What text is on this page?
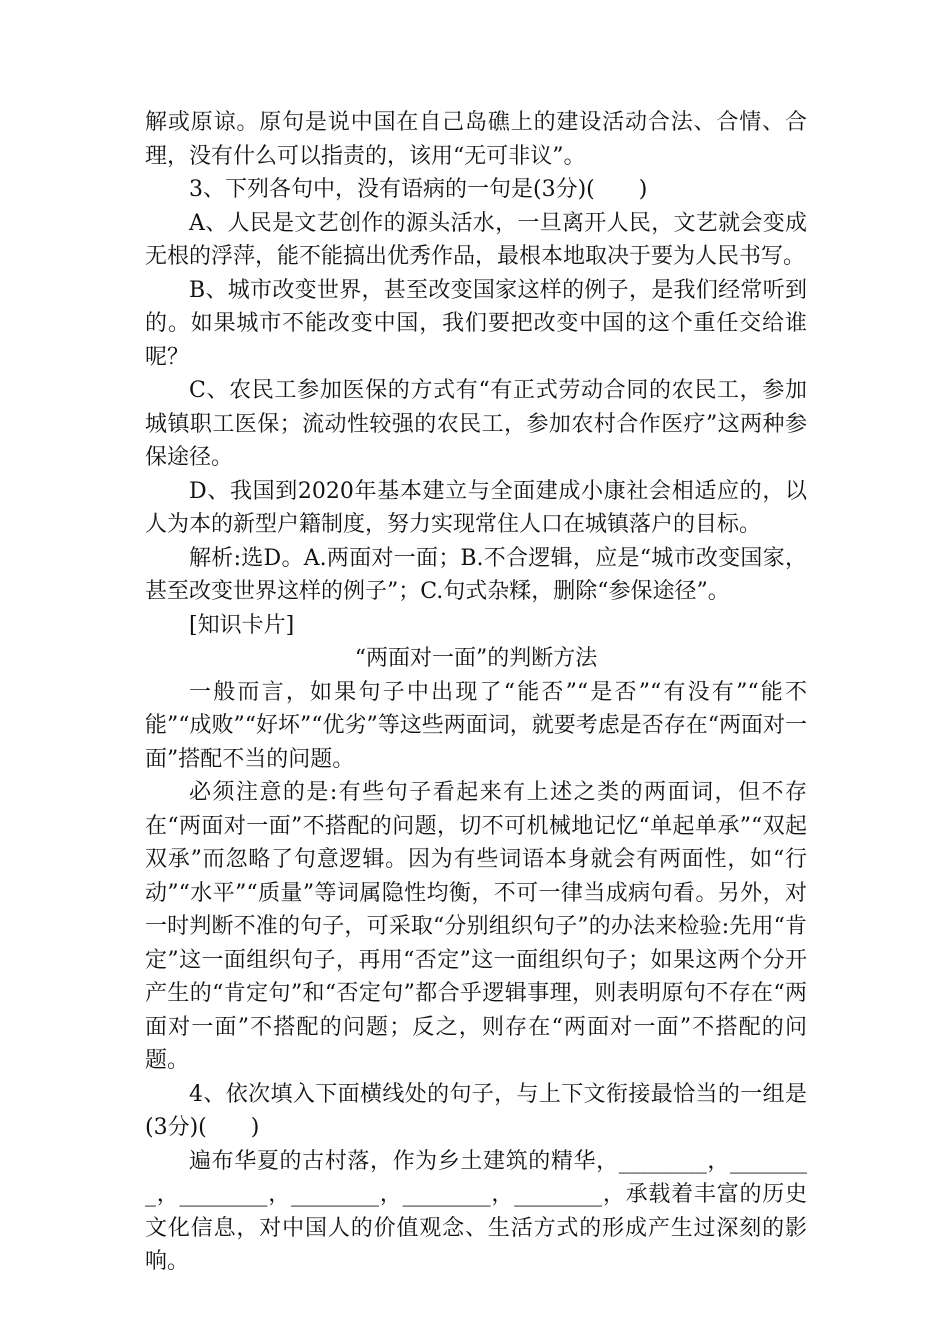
解或原谅。原句是说中国在自己岛礁上的建设活动合法、合情、合理，没有什么可以指责的，该用“无可非议”。

3、下列各句中，没有语病的一句是(3分)(　　)

A、人民是文艺创作的源头活水，一旦离开人民，文艺就会变成无根的浮萍，能不能搞出优秀作品，最根本地取决于要为人民书写。

B、城市改变世界，甚至改变国家这样的例子，是我们经常听到的。如果城市不能改变中国，我们要把改变中国的这个重任交给谁呢？

C、农民工参加医保的方式有“有正式劳动合同的农民工，参加城镇职工医保；流动性较强的农民工，参加农村合作医疗”这两种参保途径。

D、我国到2020年基本建立与全面建成小康社会相适应的，以人为本的新型户籍制度，努力实现常住人口在城镇落户的目标。

解析:选D。A.两面对一面；B.不合逻辑，应是“城市改变国家，甚至改变世界这样的例子”；C.句式杂糅，删除“参保途径”。

[知识卡片]

“两面对一面”的判断方法

一般而言，如果句子中出现了“能否”“是否”“有没有”“能不能”“成败”“好坏”“优劣”等这些两面词，就要考虑是否存在“两面对一面”搭配不当的问题。

必须注意的是:有些句子看起来有上述之类的两面词，但不存在“两面对一面”不搭配的问题，切不可机械地记忆“单起单承”“双起双承”而忽略了句意逻辑。因为有些词语本身就会有两面性，如“行动”“水平”“质量”等词属隐性均衡，不可一律当成病句看。另外，对一时判断不准的句子，可采取“分别组织句子”的办法来检验:先用“肯定”这一面组织句子，再用“否定”这一面组织句子；如果这两个分开产生的“肯定句”和“否定句”都合乎逻辑事理，则表明原句不存在“两面对一面”不搭配的问题；反之，则存在“两面对一面”不搭配的问题。

4、依次填入下面横线处的句子，与上下文衔接最恰当的一组是(3分)(　　)

遍布华夏的古村落，作为乡土建筑的精华，________，________，________，________，________，________，承载着丰富的历史文化信息，对中国人的价值观念、生活方式的形成产生过深刻的影响。
